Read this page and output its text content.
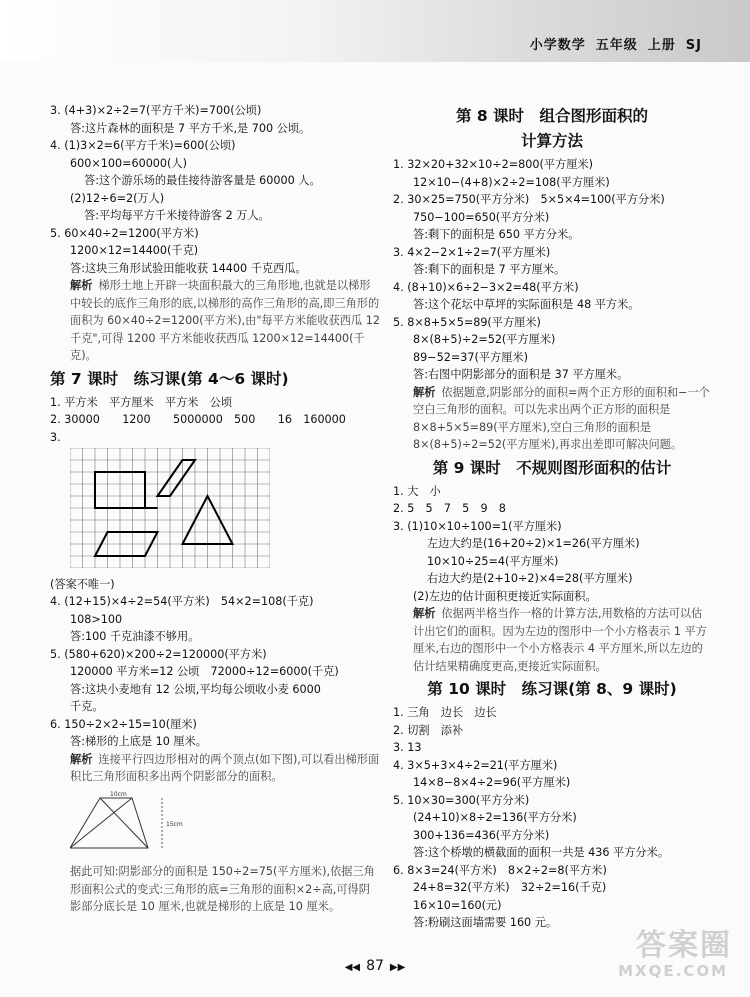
小学数学 五年级 上册 SJ
3. (4+3)×2÷2=7(平方千米)=700(公顷)
答:这片森林的面积是 7 平方千米,是 700 公顷。
4. (1)3×2=6(平方千米)=600(公顷)
600×100=60000(人)
答:这个游乐场的最佳接待游客量是 60000 人。
(2)12÷6=2(万人)
答:平均每平方千米接待游客 2 万人。
5. 60×40÷2=1200(平方米)
1200×12=14400(千克)
答:这块三角形试验田能收获 14400 千克西瓜。
解析 梯形土地上开辟一块面积最大的三角形地,也就是以梯形中较长的底作三角形的底,以梯形的高作三角形的高,即三角形的面积为 60×40÷2=1200(平方米),由"每平方米能收获西瓜 12 千克",可得 1200 平方米能收获西瓜 1200×12=14400(千克)。
第 7 课时　练习课(第 4～6 课时)
1. 平方米　平方厘米　平方米　公顷
2. 30000　　1200　　5000000　500　　16　160000
3.
(答案不唯一)
4. (12+15)×4÷2=54(平方米)　54×2=108(千克)
108>100
答:100 千克油漆不够用。
5. (580+620)×200÷2=120000(平方米)
120000 平方米=12 公顷　72000÷12=6000(千克)
答:这块小麦地有 12 公顷,平均每公顷收小麦 6000
千克。
6. 150÷2×2÷15=10(厘米)
答:梯形的上底是 10 厘米。
解析 连接平行四边形相对的两个顶点(如下图),可以看出梯形面积比三角形面积多出两个阴影部分的面积。
10cm
15cm
据此可知:阴影部分的面积是 150÷2=75(平方厘米),依据三角形面积公式的变式:三角形的底=三角形的面积×2÷高,可得阴影部分底长是 10 厘米,也就是梯形的上底是 10 厘米。
第 8 课时　组合图形面积的
计算方法
1. 32×20+32×10÷2=800(平方厘米)
12×10−(4+8)×2÷2=108(平方厘米)
2. 30×25=750(平方分米)　5×5×4=100(平方分米)
750−100=650(平方分米)
答:剩下的面积是 650 平方分米。
3. 4×2−2×1÷2=7(平方厘米)
答:剩下的面积是 7 平方厘米。
4. (8+10)×6÷2−3×2=48(平方米)
答:这个花坛中草坪的实际面积是 48 平方米。
5. 8×8+5×5=89(平方厘米)
8×(8+5)÷2=52(平方厘米)
89−52=37(平方厘米)
答:右图中阴影部分的面积是 37 平方厘米。
解析 依据题意,阴影部分的面积=两个正方形的面积和−一个空白三角形的面积。可以先求出两个正方形的面积是 8×8+5×5=89(平方厘米),空白三角形的面积是 8×(8+5)÷2=52(平方厘米),再求出差即可解决问题。
第 9 课时　不规则图形面积的估计
1. 大　小
2. 5　5　7　5　9　8
3. (1)10×10÷100=1(平方厘米)
左边大约是(16+20÷2)×1=26(平方厘米)
10×10÷25=4(平方厘米)
右边大约是(2+10÷2)×4=28(平方厘米)
(2)左边的估计面积更接近实际面积。
解析 依据两半格当作一格的计算方法,用数格的方法可以估计出它们的面积。因为左边的图形中一个小方格表示 1 平方厘米,右边的图形中一个小方格表示 4 平方厘米,所以左边的估计结果精确度更高,更接近实际面积。
第 10 课时　练习课(第 8、9 课时)
1. 三角　边长　边长
2. 切割　添补
3. 13
4. 3×5+3×4÷2=21(平方厘米)
14×8−8×4÷2=96(平方厘米)
5. 10×30=300(平方分米)
(24+10)×8÷2=136(平方分米)
300+136=436(平方分米)
答:这个桥墩的横截面的面积一共是 436 平方分米。
6. 8×3=24(平方米)　8×2÷2=8(平方米)
24+8=32(平方米)　32÷2=16(千克)
16×10=160(元)
答:粉刷这面墙需要 160 元。
◀◀ 87 ▶▶
答案圈
MXQE.COM
